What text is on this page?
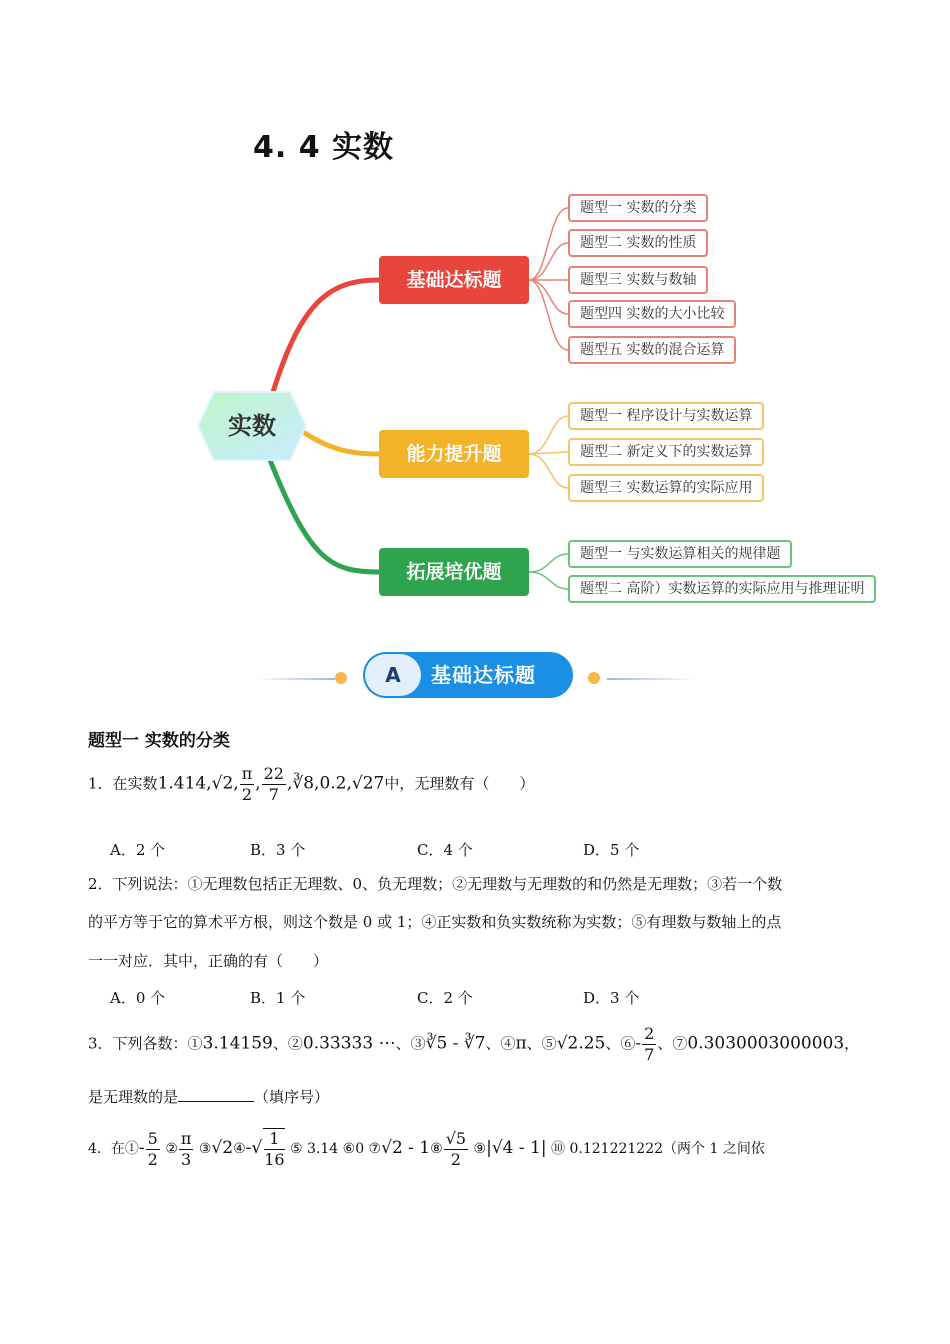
4. 4 实数
实数
基础达标题
能力提升题
拓展培优题
题型一 实数的分类
题型二 实数的性质
题型三 实数与数轴
题型四 实数的大小比较
题型五 实数的混合运算
题型一 程序设计与实数运算
题型二 新定义下的实数运算
题型三 实数运算的实际应用
题型一 与实数运算相关的规律题
题型二 高阶）实数运算的实际应用与推理证明
A	基础达标题
题型一 实数的分类
1．在实数1.414,√2, $\frac{\pi}{2}$ , $\frac{22}{7}$ ,∛8,0.2,√27中，无理数有（　　）
A．2 个	B．3 个	C．4 个	D．5 个
2．下列说法：①无理数包括正无理数、0、负无理数；②无理数与无理数的和仍然是无理数；③若一个数
的平方等于它的算术平方根，则这个数是 0 或 1；④正实数和负实数统称为实数；⑤有理数与数轴上的点
一一对应．其中，正确的有（　　）
A．0 个	B．1 个	C．2 个	D．3 个
3．下列各数：①3.14159、②0.33333 ⋯、③∛5 - ∛7、④π、⑤√2.25、⑥- $\frac{2}{7}$ 、⑦0.3030003000003，
是无理数的是	（填序号）
4．在①- $\frac{5}{2}$ ② $\frac{\pi}{3}$ ③√2④-√ $\frac{1}{16}$ ⑤ 3.14 ⑥0 ⑦√2 - 1⑧ $\frac{√5}{2}$ ⑨|√4 - 1| ⑩ 0.121221222（两个 1 之间依
